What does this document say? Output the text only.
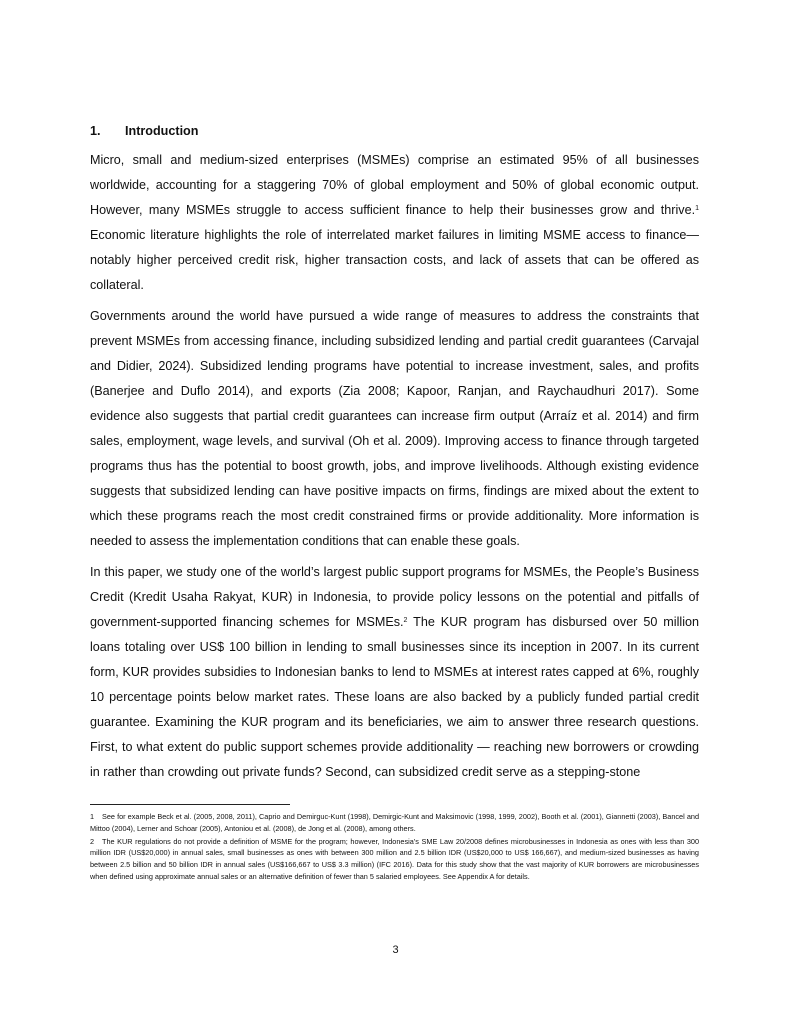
1. Introduction

Micro, small and medium-sized enterprises (MSMEs) comprise an estimated 95% of all businesses worldwide, accounting for a staggering 70% of global employment and 50% of global economic output. However, many MSMEs struggle to access sufficient finance to help their businesses grow and thrive.$^1$ Economic literature highlights the role of interrelated market failures in limiting MSME access to finance—notably higher perceived credit risk, higher transaction costs, and lack of assets that can be offered as collateral.

Governments around the world have pursued a wide range of measures to address the constraints that prevent MSMEs from accessing finance, including subsidized lending and partial credit guarantees (Carvajal and Didier, 2024). Subsidized lending programs have potential to increase investment, sales, and profits (Banerjee and Duflo 2014), and exports (Zia 2008; Kapoor, Ranjan, and Raychaudhuri 2017). Some evidence also suggests that partial credit guarantees can increase firm output (Arraíz et al. 2014) and firm sales, employment, wage levels, and survival (Oh et al. 2009). Improving access to finance through targeted programs thus has the potential to boost growth, jobs, and improve livelihoods. Although existing evidence suggests that subsidized lending can have positive impacts on firms, findings are mixed about the extent to which these programs reach the most credit constrained firms or provide additionality. More information is needed to assess the implementation conditions that can enable these goals.

In this paper, we study one of the world’s largest public support programs for MSMEs, the People’s Business Credit (Kredit Usaha Rakyat, KUR) in Indonesia, to provide policy lessons on the potential and pitfalls of government-supported financing schemes for MSMEs.$^2$ The KUR program has disbursed over 50 million loans totaling over US$ 100 billion in lending to small businesses since its inception in 2007. In its current form, KUR provides subsidies to Indonesian banks to lend to MSMEs at interest rates capped at 6%, roughly 10 percentage points below market rates. These loans are also backed by a publicly funded partial credit guarantee. Examining the KUR program and its beneficiaries, we aim to answer three research questions. First, to what extent do public support schemes provide additionality — reaching new borrowers or crowding in rather than crowding out private funds? Second, can subsidized credit serve as a stepping-stone

1 See for example Beck et al. (2005, 2008, 2011), Caprio and Demirguc-Kunt (1998), Demirgic-Kunt and Maksimovic (1998, 1999, 2002), Booth et al. (2001), Giannetti (2003), Bancel and Mittoo (2004), Lerner and Schoar (2005), Antoniou et al. (2008), de Jong et al. (2008), among others.
2 The KUR regulations do not provide a definition of MSME for the program; however, Indonesia’s SME Law 20/2008 defines microbusinesses in Indonesia as ones with less than 300 million IDR (US$20,000) in annual sales, small businesses as ones with between 300 million and 2.5 billion IDR (US$20,000 to US$ 166,667), and medium-sized businesses as having between 2.5 billion and 50 billion IDR in annual sales (US$166,667 to US$ 3.3 million) (IFC 2016). Data for this study show that the vast majority of KUR borrowers are microbusinesses when defined using approximate annual sales or an alternative definition of fewer than 5 salaried employees. See Appendix A for details.
3
